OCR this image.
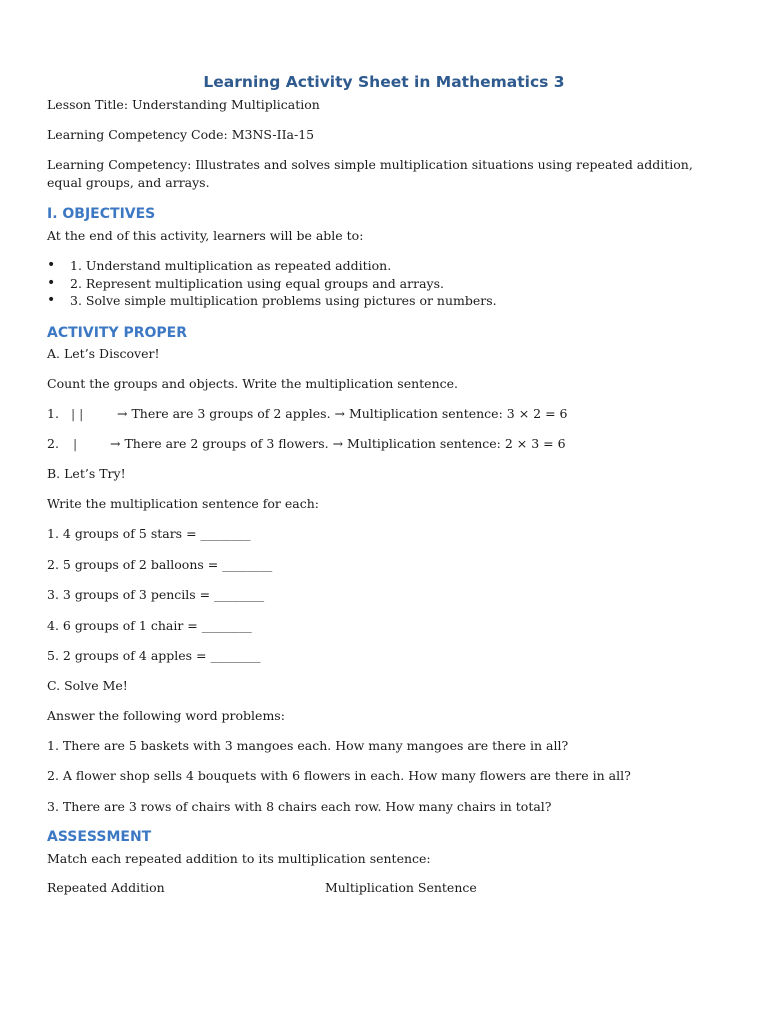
Learning Activity Sheet in Mathematics 3

Lesson Title: Understanding Multiplication

Learning Competency Code: M3NS-IIa-15

Learning Competency: Illustrates and solves simple multiplication situations using repeated addition, equal groups, and arrays.

I. OBJECTIVES

At the end of this activity, learners will be able to:

• 1. Understand multiplication as repeated addition.
• 2. Represent multiplication using equal groups and arrays.
• 3. Solve simple multiplication problems using pictures or numbers.
ACTIVITY PROPER

A. Let’s Discover!

Count the groups and objects. Write the multiplication sentence.

1. | |	→ There are 3 groups of 2 apples. → Multiplication sentence: 3 × 2 = 6
2. |	→ There are 2 groups of 3 flowers. → Multiplication sentence: 2 × 3 = 6

B. Let’s Try!

Write the multiplication sentence for each:

1. 4 groups of 5 stars = ________

2. 5 groups of 2 balloons = ________

3. 3 groups of 3 pencils = ________

4. 6 groups of 1 chair = ________

5. 2 groups of 4 apples = ________

C. Solve Me!

Answer the following word problems:

1. There are 5 baskets with 3 mangoes each. How many mangoes are there in all?

2. A flower shop sells 4 bouquets with 6 flowers in each. How many flowers are there in all?

3. There are 3 rows of chairs with 8 chairs each row. How many chairs in total?

ASSESSMENT

Match each repeated addition to its multiplication sentence:

Repeated Addition	Multiplication Sentence
